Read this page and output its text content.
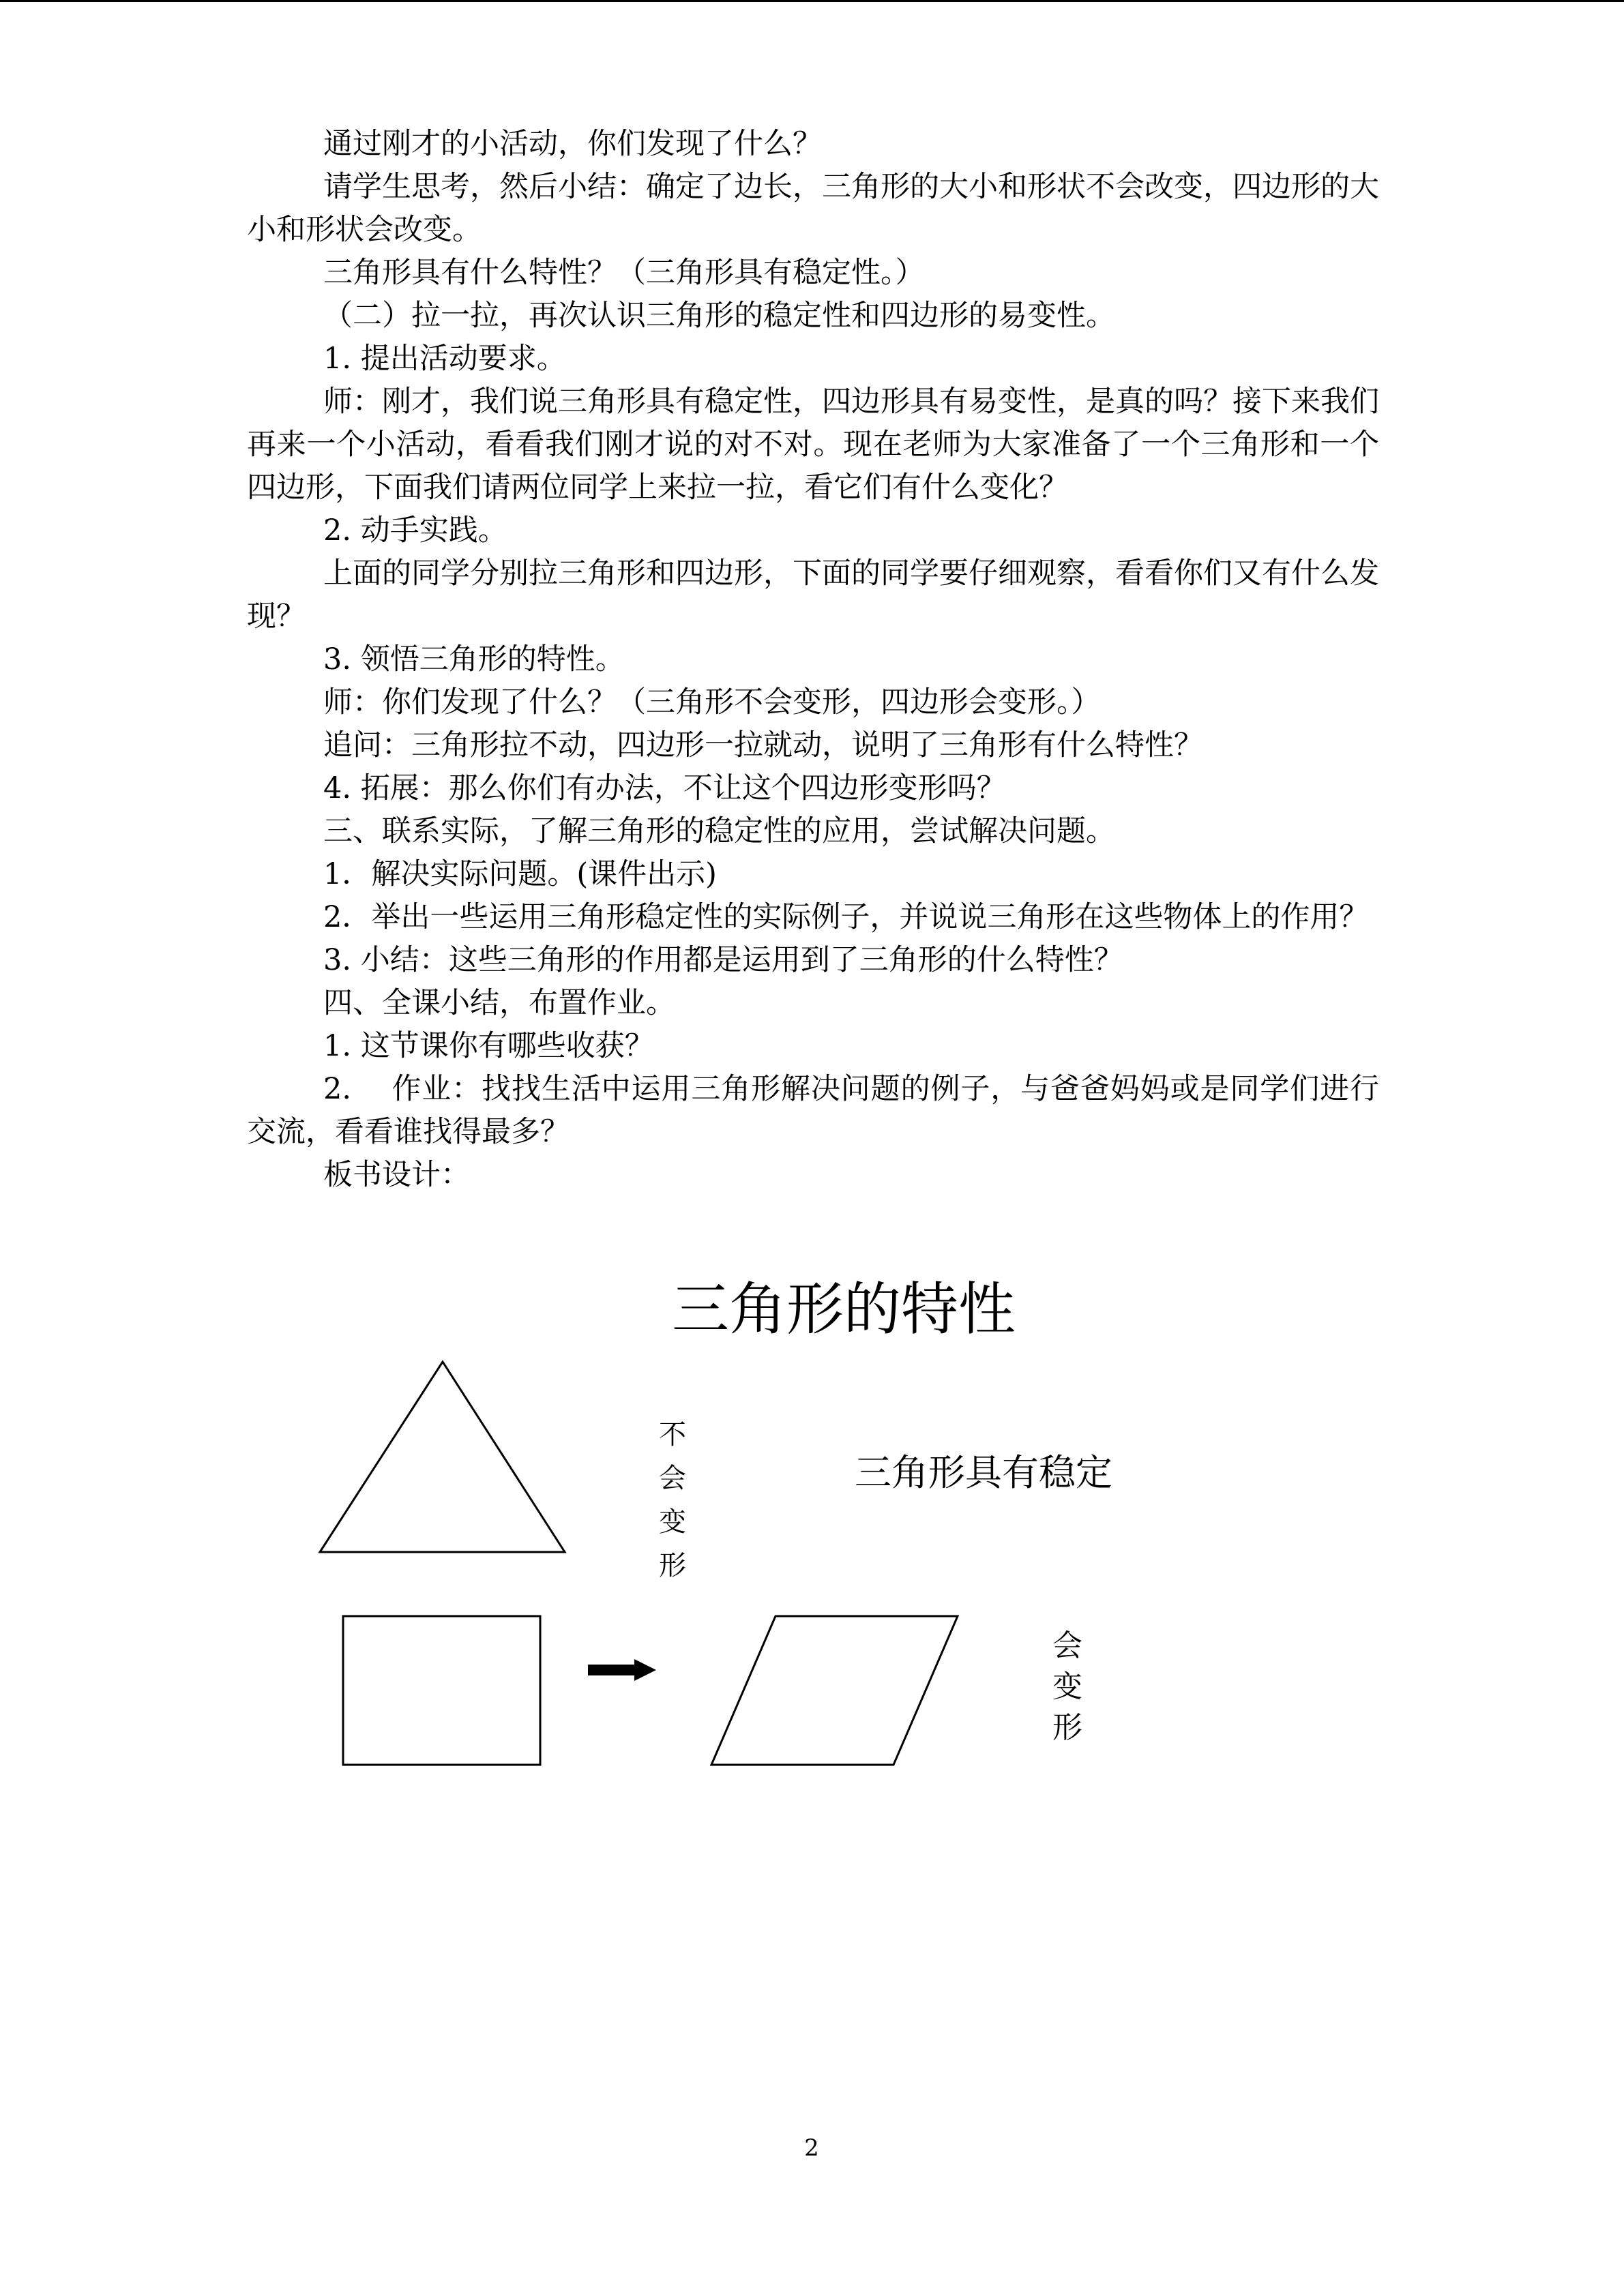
通过刚才的小活动，你们发现了什么？

请学生思考，然后小结：确定了边长，三角形的大小和形状不会改变，四边形的大小和形状会改变。

三角形具有什么特性？（三角形具有稳定性。）

（二）拉一拉，再次认识三角形的稳定性和四边形的易变性。

1. 提出活动要求。

师：刚才，我们说三角形具有稳定性，四边形具有易变性，是真的吗？接下来我们再来一个小活动，看看我们刚才说的对不对。现在老师为大家准备了一个三角形和一个四边形，下面我们请两位同学上来拉一拉，看它们有什么变化？

2. 动手实践。

上面的同学分别拉三角形和四边形，下面的同学要仔细观察，看看你们又有什么发现？

3. 领悟三角形的特性。

师：你们发现了什么？（三角形不会变形，四边形会变形。）

追问：三角形拉不动，四边形一拉就动，说明了三角形有什么特性？

4. 拓展：那么你们有办法，不让这个四边形变形吗？

三、联系实际，了解三角形的稳定性的应用，尝试解决问题。

1．解决实际问题。(课件出示)

2．举出一些运用三角形稳定性的实际例子，并说说三角形在这些物体上的作用？

3. 小结：这些三角形的作用都是运用到了三角形的什么特性？

四、全课小结，布置作业。

1. 这节课你有哪些收获？

2.　 作业：找找生活中运用三角形解决问题的例子，与爸爸妈妈或是同学们进行交流，看看谁找得最多？

板书设计：

三角形的特性
不
会
变
形
三角形具有稳定
会
变
形
2
